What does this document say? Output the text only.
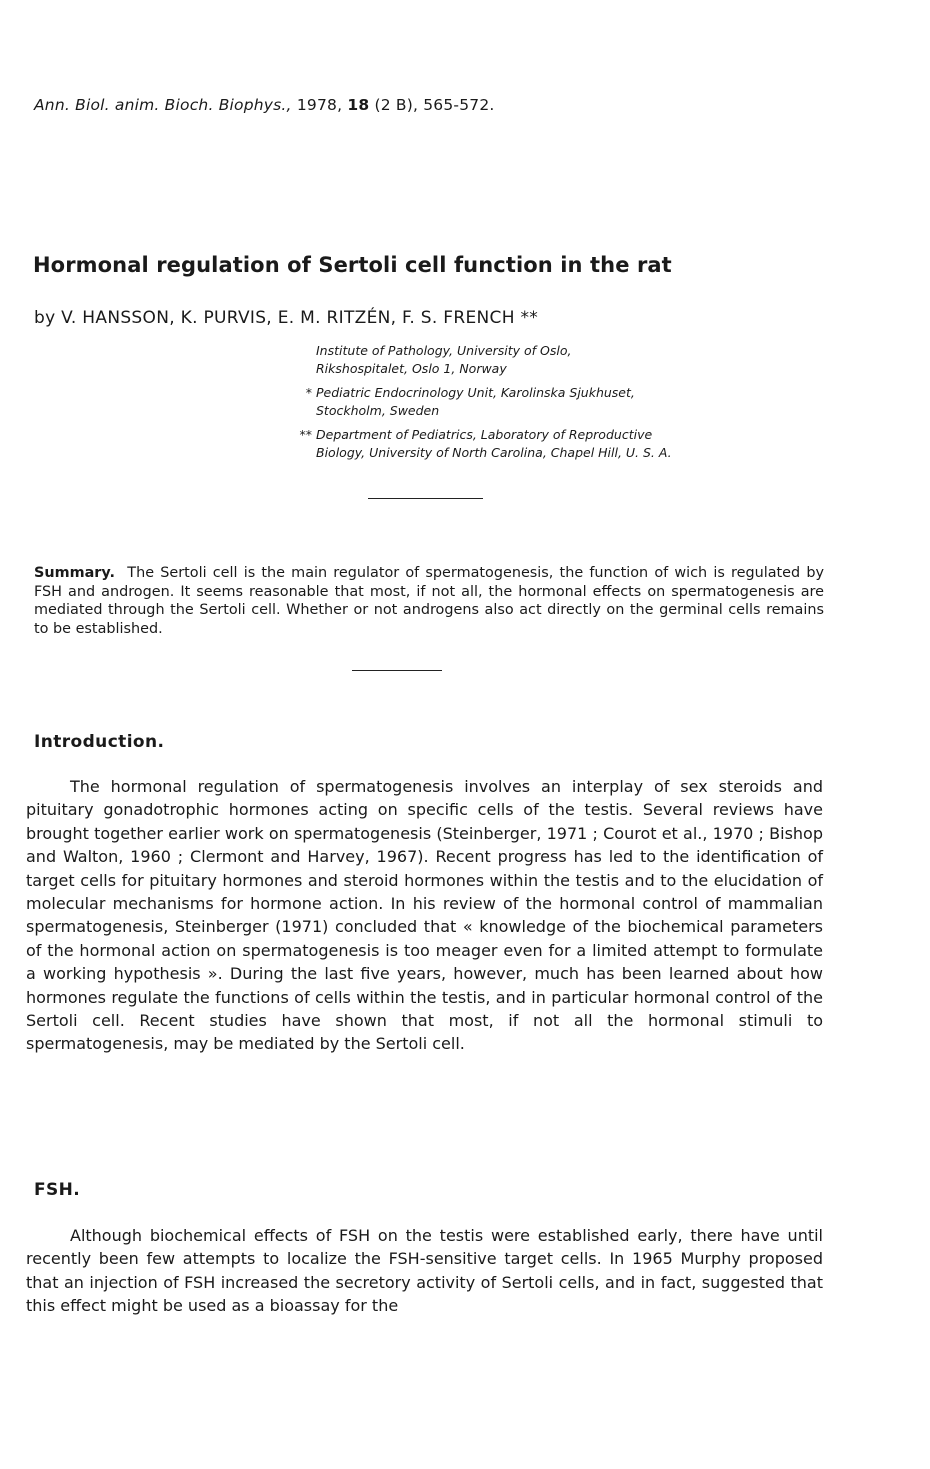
Ann. Biol. anim. Bioch. Biophys., 1978, 18 (2 B), 565-572.
Hormonal regulation of Sertoli cell function in the rat
by V. HANSSON, K. PURVIS, E. M. RITZÉN, F. S. FRENCH **
Institute of Pathology, University of Oslo,
Rikshospitalet, Oslo 1, Norway
* Pediatric Endocrinology Unit, Karolinska Sjukhuset,
Stockholm, Sweden
** Department of Pediatrics, Laboratory of Reproductive
Biology, University of North Carolina, Chapel Hill, U. S. A.
Summary. The Sertoli cell is the main regulator of spermatogenesis, the function of wich is regulated by FSH and androgen. It seems reasonable that most, if not all, the hormonal effects on spermatogenesis are mediated through the Sertoli cell. Whether or not androgens also act directly on the germinal cells remains to be established.
Introduction.
The hormonal regulation of spermatogenesis involves an interplay of sex steroids and pituitary gonadotrophic hormones acting on specific cells of the testis. Several reviews have brought together earlier work on spermatogenesis (Steinberger, 1971 ; Courot et al., 1970 ; Bishop and Walton, 1960 ; Clermont and Harvey, 1967). Recent progress has led to the identification of target cells for pituitary hormones and steroid hormones within the testis and to the elucidation of molecular mechanisms for hormone action. In his review of the hormonal control of mammalian spermatogenesis, Steinberger (1971) concluded that « knowledge of the biochemical parameters of the hormonal action on spermatogenesis is too meager even for a limited attempt to formulate a working hypothesis ». During the last five years, however, much has been learned about how hormones regulate the functions of cells within the testis, and in particular hormonal control of the Sertoli cell. Recent studies have shown that most, if not all the hormonal stimuli to spermatogenesis, may be mediated by the Sertoli cell.
FSH.
Although biochemical effects of FSH on the testis were established early, there have until recently been few attempts to localize the FSH-sensitive target cells. In 1965 Murphy proposed that an injection of FSH increased the secretory activity of Sertoli cells, and in fact, suggested that this effect might be used as a bioassay for the
